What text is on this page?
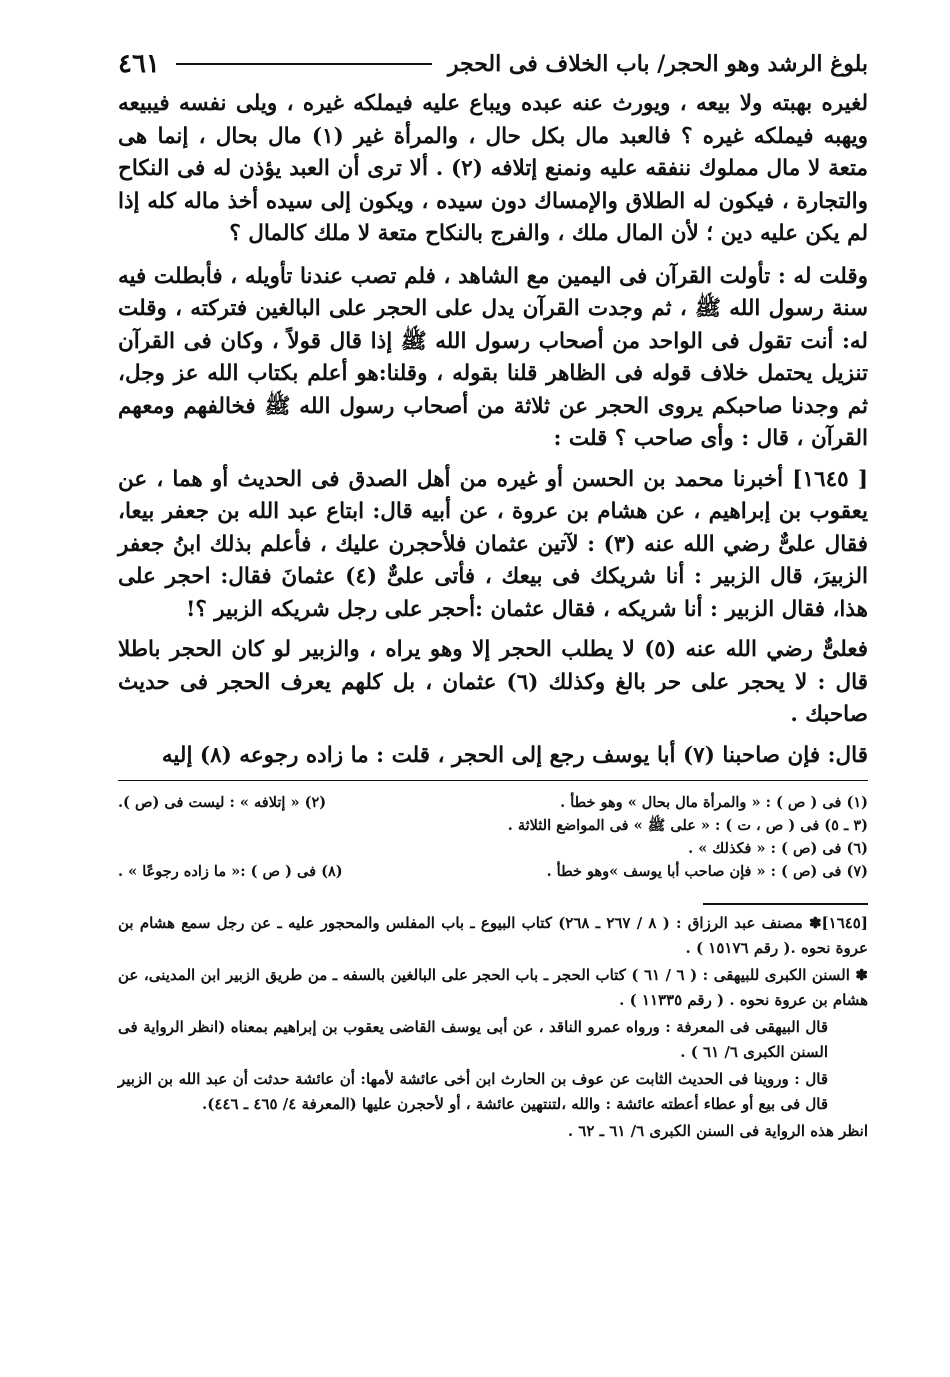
بلوغ الرشد وهو الحجر/ باب الخلاف فى الحجر
٤٦١

لغيره بهبته ولا بيعه ، ويورث عنه عبده ويباع عليه فيملكه غيره ، ويلى نفسه فيبيعه ويهبه فيملكه غيره ؟ فالعبد مال بكل حال ، والمرأة غير (١) مال بحال ، إنما هى متعة لا مال مملوك ننفقه عليه ونمنع إتلافه (٢) . ألا ترى أن العبد يؤذن له فى النكاح والتجارة ، فيكون له الطلاق والإمساك دون سيده ، ويكون إلى سيده أخذ ماله كله إذا لم يكن عليه دين ؛ لأن المال ملك ، والفرج بالنكاح متعة لا ملك كالمال ؟

وقلت له : تأولت القرآن فى اليمين مع الشاهد ، فلم تصب عندنا تأويله ، فأبطلت فيه سنة رسول الله ﷺ ، ثم وجدت القرآن يدل على الحجر على البالغين فتركته ، وقلت له: أنت تقول فى الواحد من أصحاب رسول الله ﷺ إذا قال قولاً ، وكان فى القرآن تنزيل يحتمل خلاف قوله فى الظاهر قلنا بقوله ، وقلنا:هو أعلم بكتاب الله عز وجل، ثم وجدنا صاحبكم يروى الحجر عن ثلاثة من أصحاب رسول الله ﷺ فخالفهم ومعهم القرآن ، قال : وأى صاحب ؟ قلت :

[ ١٦٤٥] أخبرنا محمد بن الحسن أو غيره من أهل الصدق فى الحديث أو هما ، عن يعقوب بن إبراهيم ، عن هشام بن عروة ، عن أبيه قال: ابتاع عبد الله بن جعفر بيعا، فقال علىٌّ رضي الله عنه (٣) : لآتين عثمان فلأحجرن عليك ، فأعلم بذلك ابنُ جعفر الزبيرَ، قال الزبير : أنا شريكك فى بيعك ، فأتى علىٌّ (٤) عثمانَ فقال: احجر على هذا، فقال الزبير : أنا شريكه ، فقال عثمان :أحجر على رجل شريكه الزبير ؟!

فعلىٌّ رضي الله عنه (٥) لا يطلب الحجر إلا وهو يراه ، والزبير لو كان الحجر باطلا قال : لا يحجر على حر بالغ وكذلك (٦) عثمان ، بل كلهم يعرف الحجر فى حديث صاحبك .

قال: فإن صاحبنا (٧) أبا يوسف رجع إلى الحجر ، قلت : ما زاده رجوعه (٨) إليه

(١) فى ( ص ) : « والمرأة مال بحال » وهو خطأ .
(٢) « إتلافه » : ليست فى (ص ).
(٣ ـ ٥) فى ( ص ، ت ) : « على ﷺ » فى المواضع الثلاثة .
(٦) فى (ص ) : « فكذلك » .
(٧) فى (ص ) : « فإن صاحب أبا يوسف »وهو خطأ .
(٨) فى ( ص ) :« ما زاده رجوعًا » .

[١٦٤٥]✽ مصنف عبد الرزاق : ( ٨ / ٢٦٧ ـ ٢٦٨) كتاب البيوع ـ باب المفلس والمحجور عليه ـ عن رجل سمع هشام بن عروة نحوه .( رقم ١٥١٧٦ ) .

✽ السنن الكبرى للبيهقى : ( ٦ / ٦١ ) كتاب الحجر ـ باب الحجر على البالغين بالسفه ـ من طريق الزبير ابن المدينى، عن هشام بن عروة نحوه . ( رقم ١١٣٣٥ ) .

قال البيهقى فى المعرفة : ورواه عمرو الناقد ، عن أبى يوسف القاضى يعقوب بن إبراهيم بمعناه (انظر الرواية فى السنن الكبرى ٦/ ٦١ ) .

قال : وروينا فى الحديث الثابت عن عوف بن الحارث ابن أخى عائشة لأمها: أن عائشة حدثت أن عبد الله بن الزبير قال فى بيع أو عطاء أعطته عائشة : والله ،لتنتهين عائشة ، أو لأحجرن عليها (المعرفة ٤/ ٤٦٥ ـ ٤٤٦).

انظر هذه الرواية فى السنن الكبرى ٦/ ٦١ ـ ٦٢ .
